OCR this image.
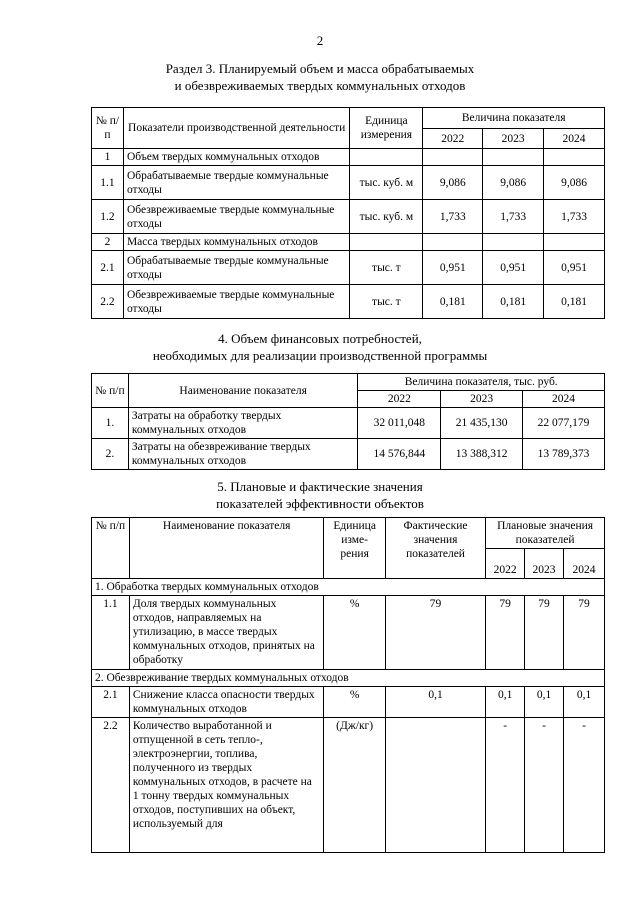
2
Раздел 3. Планируемый объем и масса обрабатываемых
и обезвреживаемых твердых коммунальных отходов
№ п/п	Показатели производственной деятельности	Единица измерения	Величина показателя		
			2022	2023	2024
1	Объем твердых коммунальных отходов				
1.1	Обрабатываемые твердые коммунальные отходы	тыс. куб. м	9,086	9,086	9,086
1.2	Обезвреживаемые твердые коммунальные отходы	тыс. куб. м	1,733	1,733	1,733
2	Масса твердых коммунальных отходов				
2.1	Обрабатываемые твердые коммунальные отходы	тыс. т	0,951	0,951	0,951
2.2	Обезвреживаемые твердые коммунальные отходы	тыс. т	0,181	0,181	0,181
4. Объем финансовых потребностей,
необходимых для реализации производственной программы
№ п/п	Наименование показателя	Величина показателя, тыс. руб.		
		2022	2023	2024
1.	Затраты на обработку твердых коммунальных отходов	32 011,048	21 435,130	22 077,179
2.	Затраты на обезвреживание твердых коммунальных отходов	14 576,844	13 388,312	13 789,373
5. Плановые и фактические значения
показателей эффективности объектов
№ п/п	Наименование показателя	Единица изме- рения	Фактические значения показателей	Плановые значения показателей		
				2022	2023	2024
1. Обработка твердых коммунальных отходов						
1.1	Доля твердых коммунальных отходов, направляемых на утилизацию, в массе твердых коммунальных отходов, принятых на обработку	%	79	79	79	79
2. Обезвреживание твердых коммунальных отходов						
2.1	Снижение класса опасности твердых коммунальных отходов	%	0,1	0,1	0,1	0,1
2.2	Количество выработанной и отпущенной в сеть тепло-, электроэнергии, топлива, полученного из твердых коммунальных отходов, в расчете на 1 тонну твердых коммунальных отходов, поступивших на объект, используемый для	(Дж/кг)		-	-	-
